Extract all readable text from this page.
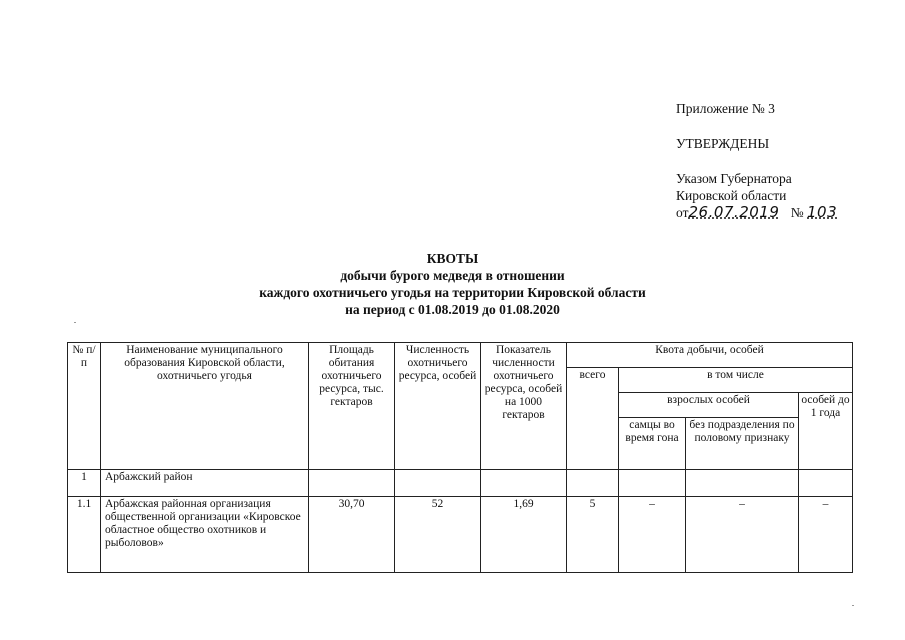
Приложение № 3
УТВЕРЖДЕНЫ
Указом Губернатора
Кировской области
от26.07.2019 № 103
КВОТЫ
добычи бурого медведя в отношении
каждого охотничьего угодья на территории Кировской области
на период с 01.08.2019 до 01.08.2020
№ п/п	Наименование муниципального образования Кировской области, охотничьего угодья	Площадь обитания охотничьего ресурса, тыс. гектаров	Численность охотничьего ресурса, особей	Показатель численности охотничьего ресурса, особей на 1000 гектаров	Квота добычи, особей			
					всего	в том числе		
						взрослых особей		особей до 1 года
						самцы во время гона	без подразделения по половому признаку	
1	Арбажский район							
1.1	Арбажская районная организация общественной организации «Кировское областное общество охотников и рыболовов»	30,70	52	1,69	5	–	–	–
